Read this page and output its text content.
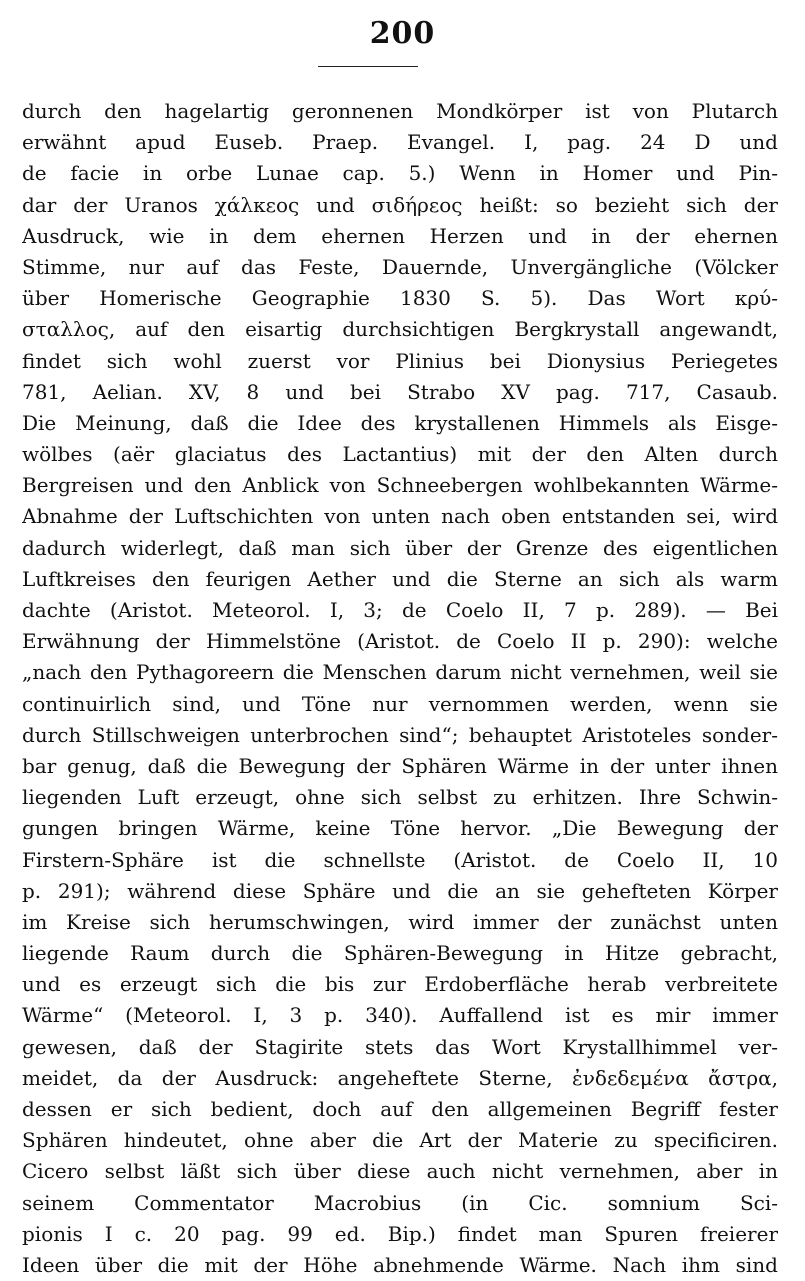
200
durch den hagelartig geronnenen Mondkörper ist von Plutarch
erwähnt apud Euseb. Praep. Evangel. I, pag. 24 D und
de facie in orbe Lunae cap. 5.) Wenn in Homer und Pin-
dar der Uranos χάλκεος und σιδήρεος heißt: so bezieht sich der
Ausdruck, wie in dem ehernen Herzen und in der ehernen
Stimme, nur auf das Feste, Dauernde, Unvergängliche (Völcker
über Homerische Geographie 1830 S. 5). Das Wort κρύ-
σταλλος, auf den eisartig durchsichtigen Bergkrystall angewandt,
findet sich wohl zuerst vor Plinius bei Dionysius Periegetes
781, Aelian. XV, 8 und bei Strabo XV pag. 717, Casaub.
Die Meinung, daß die Idee des krystallenen Himmels als Eisge-
wölbes (aër glaciatus des Lactantius) mit der den Alten durch
Bergreisen und den Anblick von Schneebergen wohlbekannten Wärme-
Abnahme der Luftschichten von unten nach oben entstanden sei, wird
dadurch widerlegt, daß man sich über der Grenze des eigentlichen
Luftkreises den feurigen Aether und die Sterne an sich als warm
dachte (Aristot. Meteorol. I, 3; de Coelo II, 7 p. 289). — Bei
Erwähnung der Himmelstöne (Aristot. de Coelo II p. 290): welche
„nach den Pythagoreern die Menschen darum nicht vernehmen, weil sie
continuirlich sind, und Töne nur vernommen werden, wenn sie
durch Stillschweigen unterbrochen sind“; behauptet Aristoteles sonder-
bar genug, daß die Bewegung der Sphären Wärme in der unter ihnen
liegenden Luft erzeugt, ohne sich selbst zu erhitzen. Ihre Schwin-
gungen bringen Wärme, keine Töne hervor. „Die Bewegung der
Firstern-Sphäre ist die schnellste (Aristot. de Coelo II, 10
p. 291); während diese Sphäre und die an sie gehefteten Körper
im Kreise sich herumschwingen, wird immer der zunächst unten
liegende Raum durch die Sphären-Bewegung in Hitze gebracht,
und es erzeugt sich die bis zur Erdoberfläche herab verbreitete
Wärme“ (Meteorol. I, 3 p. 340). Auffallend ist es mir immer
gewesen, daß der Stagirite stets das Wort Krystallhimmel ver-
meidet, da der Ausdruck: angeheftete Sterne, ἐνδεδεμένα ἄστρα,
dessen er sich bedient, doch auf den allgemeinen Begriff fester
Sphären hindeutet, ohne aber die Art der Materie zu specificiren.
Cicero selbst läßt sich über diese auch nicht vernehmen, aber in
seinem Commentator Macrobius (in Cic. somnium Sci-
pionis I c. 20 pag. 99 ed. Bip.) findet man Spuren freierer
Ideen über die mit der Höhe abnehmende Wärme. Nach ihm sind
